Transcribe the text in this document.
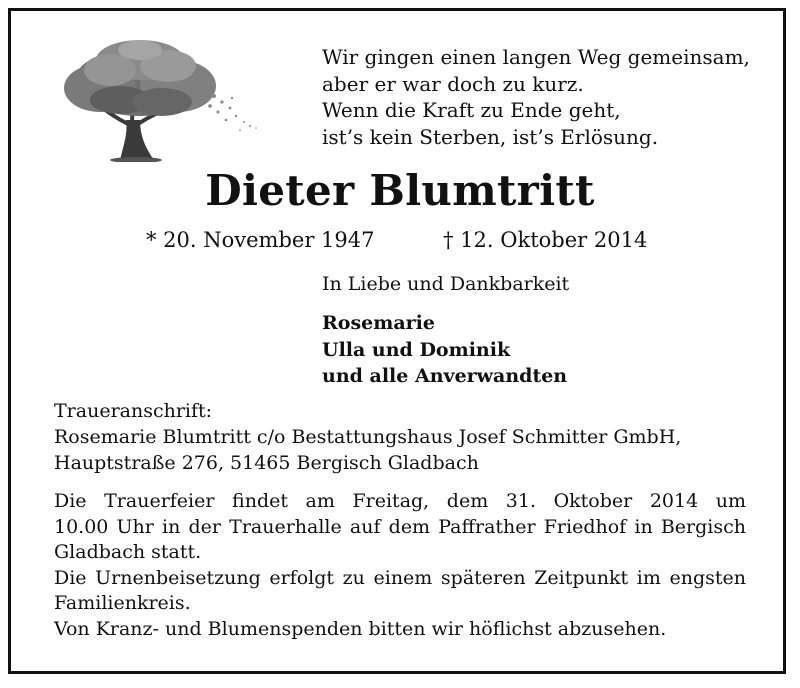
Wir gingen einen langen Weg gemeinsam,
aber er war doch zu kurz.
Wenn die Kraft zu Ende geht,
ist’s kein Sterben, ist’s Erlösung.
Dieter Blumtritt
* 20. November 1947	† 12. Oktober 2014
In Liebe und Dankbarkeit
Rosemarie
Ulla und Dominik
und alle Anverwandten
Traueranschrift:
Rosemarie Blumtritt c/o Bestattungshaus Josef Schmitter GmbH,
Hauptstraße 276, 51465 Bergisch Gladbach
Die Trauerfeier findet am Freitag, dem 31. Oktober 2014 um
10.00 Uhr in der Trauerhalle auf dem Paffrather Friedhof in Bergisch
Gladbach statt.
Die Urnenbeisetzung erfolgt zu einem späteren Zeitpunkt im engsten
Familienkreis.
Von Kranz- und Blumenspenden bitten wir höflichst abzusehen.
